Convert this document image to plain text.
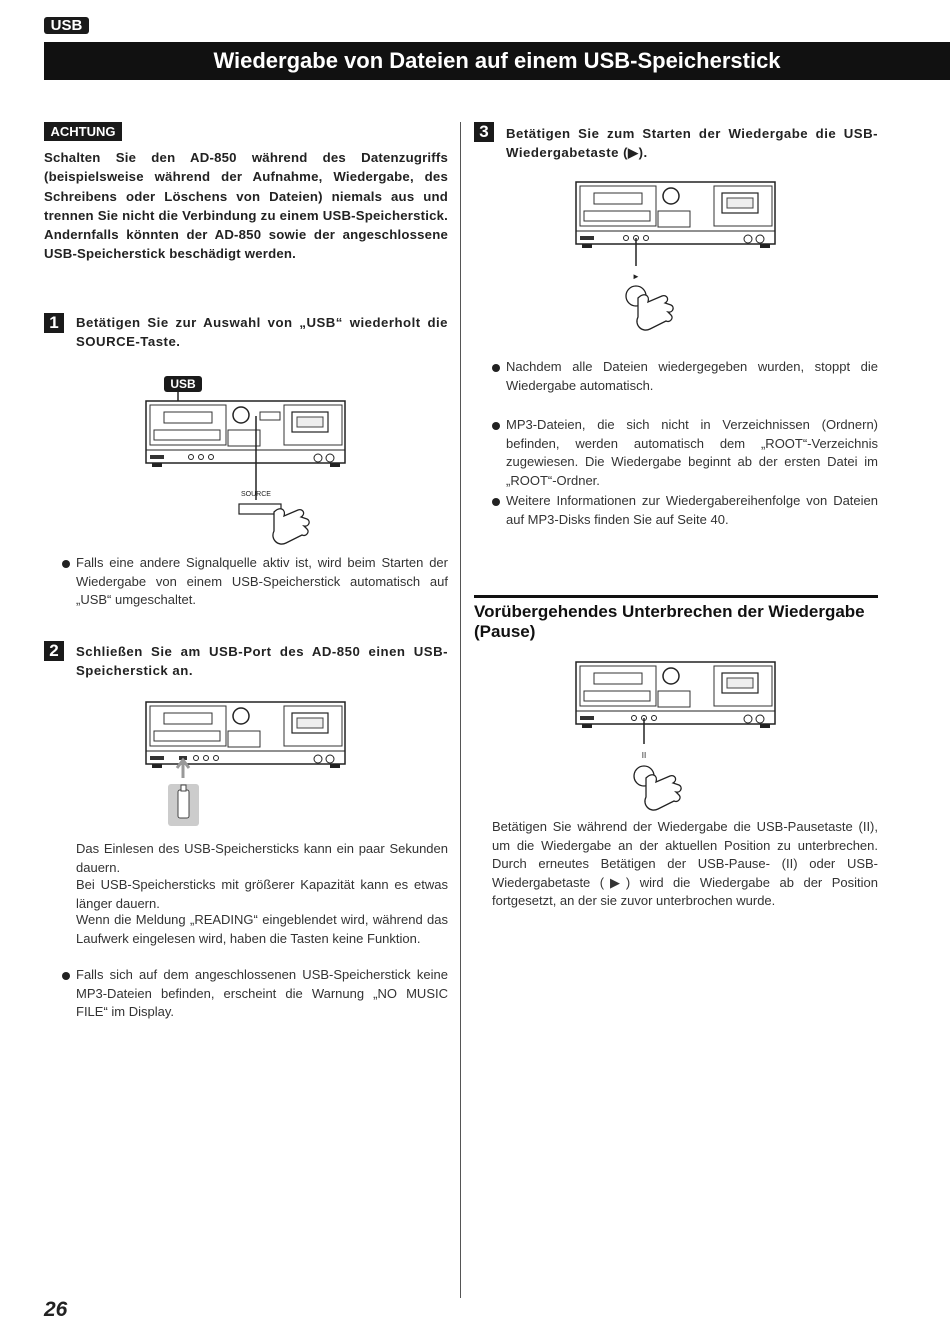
USB
Wiedergabe von Dateien auf einem USB-Speicherstick
ACHTUNG
Schalten Sie den AD-850 während des Datenzugriffs (beispielsweise während der Aufnahme, Wiedergabe, des Schreibens oder Löschens von Dateien) niemals aus und trennen Sie nicht die Verbindung zu einem USB-Speicherstick. Andernfalls könnten der AD-850 sowie der angeschlossene USB-Speicherstick beschädigt werden.
1	Betätigen Sie zur Auswahl von „USB“ wiederholt die SOURCE-Taste.
USB
SOURCE
Falls eine andere Signalquelle aktiv ist, wird beim Starten der Wiedergabe von einem USB-Speicherstick automatisch auf „USB“ umgeschaltet.
2	Schließen Sie am USB-Port des AD-850 einen USB-Speicherstick an.
Das Einlesen des USB-Speichersticks kann ein paar Sekunden dauern.
Bei USB-Speichersticks mit größerer Kapazität kann es etwas länger dauern.
Wenn die Meldung „READING“ eingeblendet wird, während das Laufwerk eingelesen wird, haben die Tasten keine Funktion.
Falls sich auf dem angeschlossenen USB-Speicherstick keine MP3-Dateien befinden, erscheint die Warnung „NO MUSIC FILE“ im Display.
3	Betätigen Sie zum Starten der Wiedergabe die USB-Wiedergabetaste (▶).
►
Nachdem alle Dateien wiedergegeben wurden, stoppt die Wiedergabe automatisch.
MP3-Dateien, die sich nicht in Verzeichnissen (Ordnern) befinden, werden automatisch dem „ROOT“-Verzeichnis zugewiesen. Die Wiedergabe beginnt ab der ersten Datei im „ROOT“-Ordner.
Weitere Informationen zur Wiedergabereihenfolge von Dateien auf MP3-Disks finden Sie auf Seite 40.
Vorübergehendes Unterbrechen der Wiedergabe (Pause)
II
Betätigen Sie während der Wiedergabe die USB-Pausetaste (II), um die Wiedergabe an der aktuellen Position zu unterbrechen. Durch erneutes Betätigen der USB-Pause- (II) oder USB-Wiedergabetaste (▶) wird die Wiedergabe ab der Position fortgesetzt, an der sie zuvor unterbrochen wurde.
26
